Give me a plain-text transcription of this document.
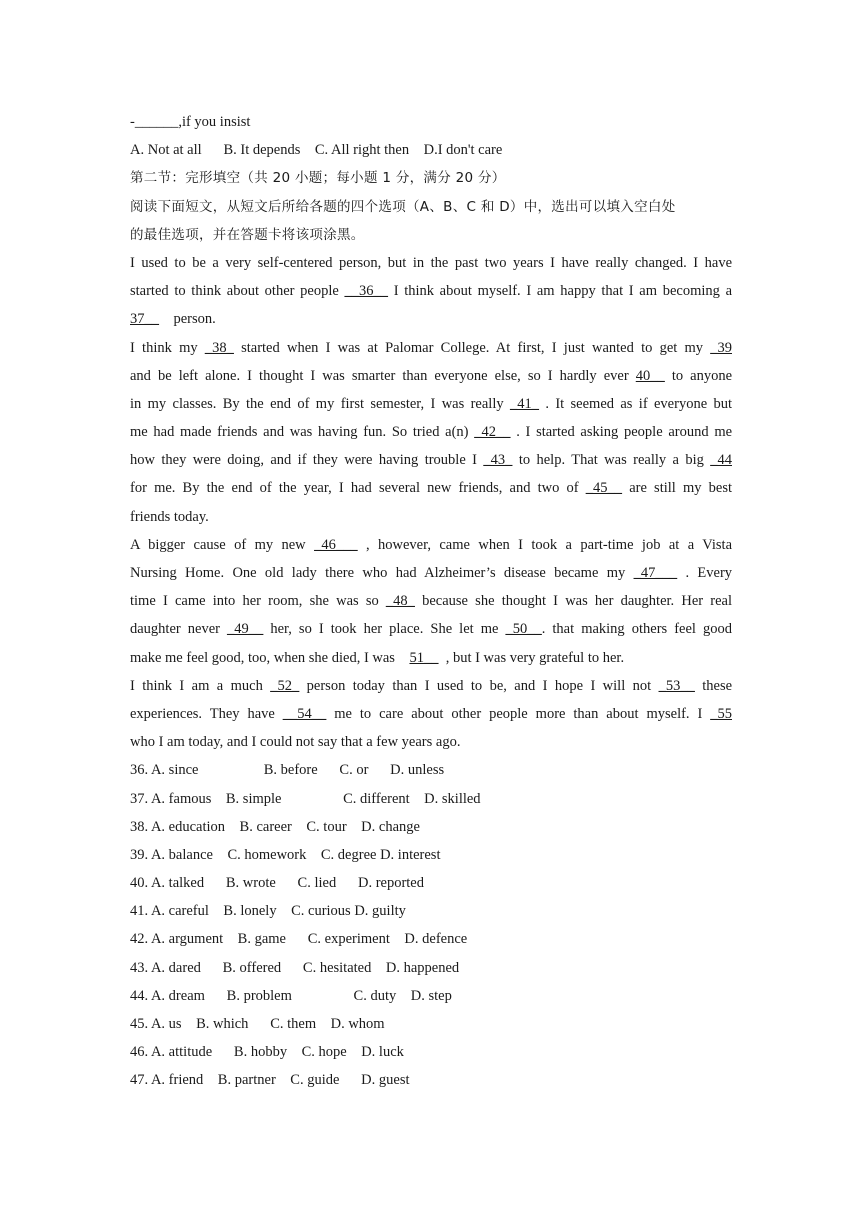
-______,if you insist
A. Not at all B. It depends C. All right then D.I don't care
第二节：完形填空（共 20 小题；每小题 1 分，满分 20 分）
阅读下面短文，从短文后所给各题的四个选项（A、B、C 和 D）中，选出可以填入空白处
的最佳选项，并在答题卡将该项涂黑。
I used to be a very self-centered person, but in the past two years I have really changed. I have
started to think about other people __36__ I think about myself. I am happy that I am becoming a
37__ person.
I think my _38_ started when I was at Palomar College. At first, I just wanted to get my _39
and be left alone. I thought I was smarter than everyone else, so I hardly ever 40__ to anyone
in my classes. By the end of my first semester, I was really _41_ . It seemed as if everyone but
me had made friends and was having fun. So tried a(n) _42__ . I started asking people around me
how they were doing, and if they were having trouble I _43_ to help. That was really a big _44
for me. By the end of the year, I had several new friends, and two of _45__ are still my best
friends today.
A bigger cause of my new _46___ , however, came when I took a part-time job at a Vista
Nursing Home. One old lady there who had Alzheimer’s disease became my _47___ . Every
time I came into her room, she was so _48_ because she thought I was her daughter. Her real
daughter never _49__ her, so I took her place. She let me _50__. that making others feel good
make me feel good, too, when she died, I was 51__ , but I was very grateful to her.
I think I am a much _52_ person today than I used to be, and I hope I will not _53__ these
experiences. They have __54__ me to care about other people more than about myself. I _55
who I am today, and I could not say that a few years ago.
36. A. since	B. before C. or D. unless
37. A. famous B. simple	C. different D. skilled
38. A. education B. career C. tour D. change
39. A. balance C. homework C. degree D. interest
40. A. talked B. wrote C. lied D. reported
41. A. careful B. lonely C. curious D. guilty
42. A. argument B. game C. experiment D. defence
43. A. dared B. offered C. hesitated D. happened
44. A. dream B. problem	C. duty D. step
45. A. us B. which C. them D. whom
46. A. attitude B. hobby C. hope D. luck
47. A. friend B. partner C. guide D. guest
